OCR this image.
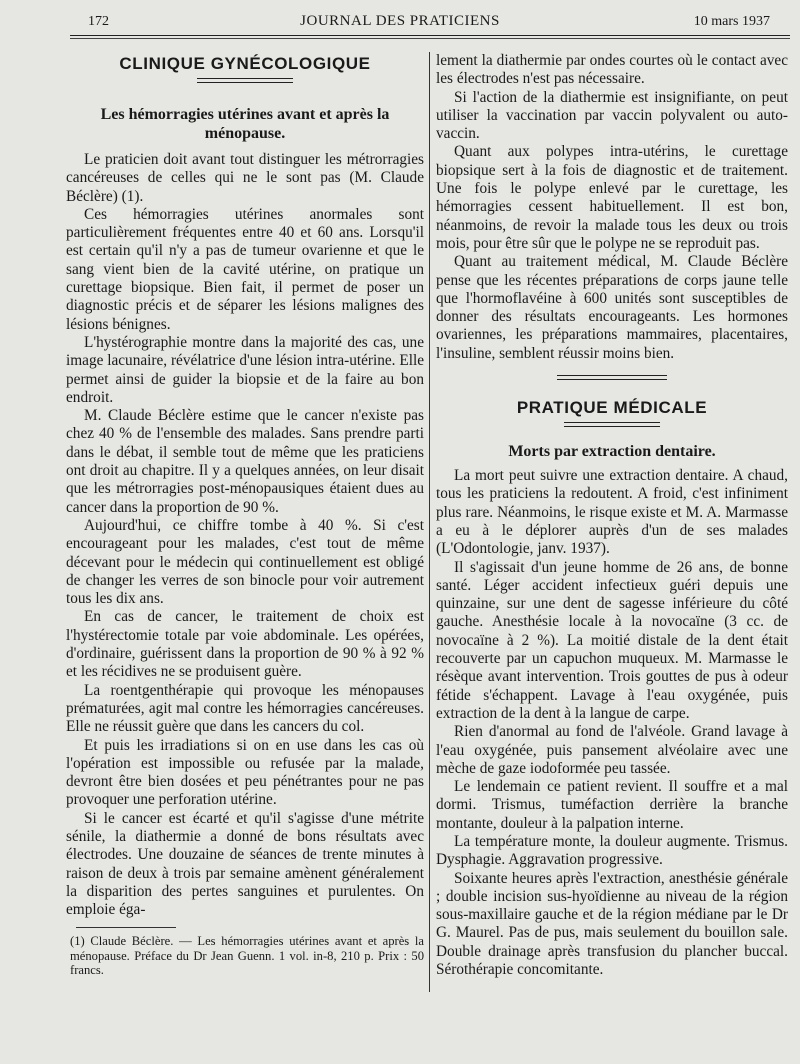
172	JOURNAL DES PRATICIENS	10 mars 1937
CLINIQUE GYNÉCOLOGIQUE
Les hémorragies utérines avant et après la ménopause.

Le praticien doit avant tout distinguer les métrorragies cancéreuses de celles qui ne le sont pas (M. Claude Béclère) (1).

Ces hémorragies utérines anormales sont particulièrement fréquentes entre 40 et 60 ans. Lorsqu'il est certain qu'il n'y a pas de tumeur ovarienne et que le sang vient bien de la cavité utérine, on pratique un curettage biopsique. Bien fait, il permet de poser un diagnostic précis et de séparer les lésions malignes des lésions bénignes.

L'hystérographie montre dans la majorité des cas, une image lacunaire, révélatrice d'une lésion intra-utérine. Elle permet ainsi de guider la biopsie et de la faire au bon endroit.

M. Claude Béclère estime que le cancer n'existe pas chez 40 % de l'ensemble des malades. Sans prendre parti dans le débat, il semble tout de même que les praticiens ont droit au chapitre. Il y a quelques années, on leur disait que les métrorragies post-ménopausiques étaient dues au cancer dans la proportion de 90 %.

Aujourd'hui, ce chiffre tombe à 40 %. Si c'est encourageant pour les malades, c'est tout de même décevant pour le médecin qui continuellement est obligé de changer les verres de son binocle pour voir autrement tous les dix ans.

En cas de cancer, le traitement de choix est l'hystérectomie totale par voie abdominale. Les opérées, d'ordinaire, guérissent dans la proportion de 90 % à 92 % et les récidives ne se produisent guère.

La roentgenthérapie qui provoque les ménopauses prématurées, agit mal contre les hémorragies cancéreuses. Elle ne réussit guère que dans les cancers du col.

Et puis les irradiations si on en use dans les cas où l'opération est impossible ou refusée par la malade, devront être bien dosées et peu pénétrantes pour ne pas provoquer une perforation utérine.

Si le cancer est écarté et qu'il s'agisse d'une métrite sénile, la diathermie a donné de bons résultats avec électrodes. Une douzaine de séances de trente minutes à raison de deux à trois par semaine amènent généralement la disparition des pertes sanguines et purulentes. On emploie éga-

(1) Claude Béclère. — Les hémorragies utérines avant et après la ménopause. Préface du Dr Jean Guenn. 1 vol. in-8, 210 p. Prix : 50 francs.

lement la diathermie par ondes courtes où le contact avec les électrodes n'est pas nécessaire.

Si l'action de la diathermie est insignifiante, on peut utiliser la vaccination par vaccin polyvalent ou auto-vaccin.

Quant aux polypes intra-utérins, le curettage biopsique sert à la fois de diagnostic et de traitement. Une fois le polype enlevé par le curettage, les hémorragies cessent habituellement. Il est bon, néanmoins, de revoir la malade tous les deux ou trois mois, pour être sûr que le polype ne se reproduit pas.

Quant au traitement médical, M. Claude Béclère pense que les récentes préparations de corps jaune telle que l'hormoflavéine à 600 unités sont susceptibles de donner des résultats encourageants. Les hormones ovariennes, les préparations mammaires, placentaires, l'insuline, semblent réussir moins bien.

PRATIQUE MÉDICALE
Morts par extraction dentaire.

La mort peut suivre une extraction dentaire. A chaud, tous les praticiens la redoutent. A froid, c'est infiniment plus rare. Néanmoins, le risque existe et M. A. Marmasse a eu à le déplorer auprès d'un de ses malades (L'Odontologie, janv. 1937).

Il s'agissait d'un jeune homme de 26 ans, de bonne santé. Léger accident infectieux guéri depuis une quinzaine, sur une dent de sagesse inférieure du côté gauche. Anesthésie locale à la novocaïne (3 cc. de novocaïne à 2 %). La moitié distale de la dent était recouverte par un capuchon muqueux. M. Marmasse le résèque avant intervention. Trois gouttes de pus à odeur fétide s'échappent. Lavage à l'eau oxygénée, puis extraction de la dent à la langue de carpe.

Rien d'anormal au fond de l'alvéole. Grand lavage à l'eau oxygénée, puis pansement alvéolaire avec une mèche de gaze iodoformée peu tassée.

Le lendemain ce patient revient. Il souffre et a mal dormi. Trismus, tuméfaction derrière la branche montante, douleur à la palpation interne.

La température monte, la douleur augmente. Trismus. Dysphagie. Aggravation progressive.

Soixante heures après l'extraction, anesthésie générale ; double incision sus-hyoïdienne au niveau de la région sous-maxillaire gauche et de la région médiane par le Dr G. Maurel. Pas de pus, mais seulement du bouillon sale. Double drainage après transfusion du plancher buccal. Sérothérapie concomitante.
